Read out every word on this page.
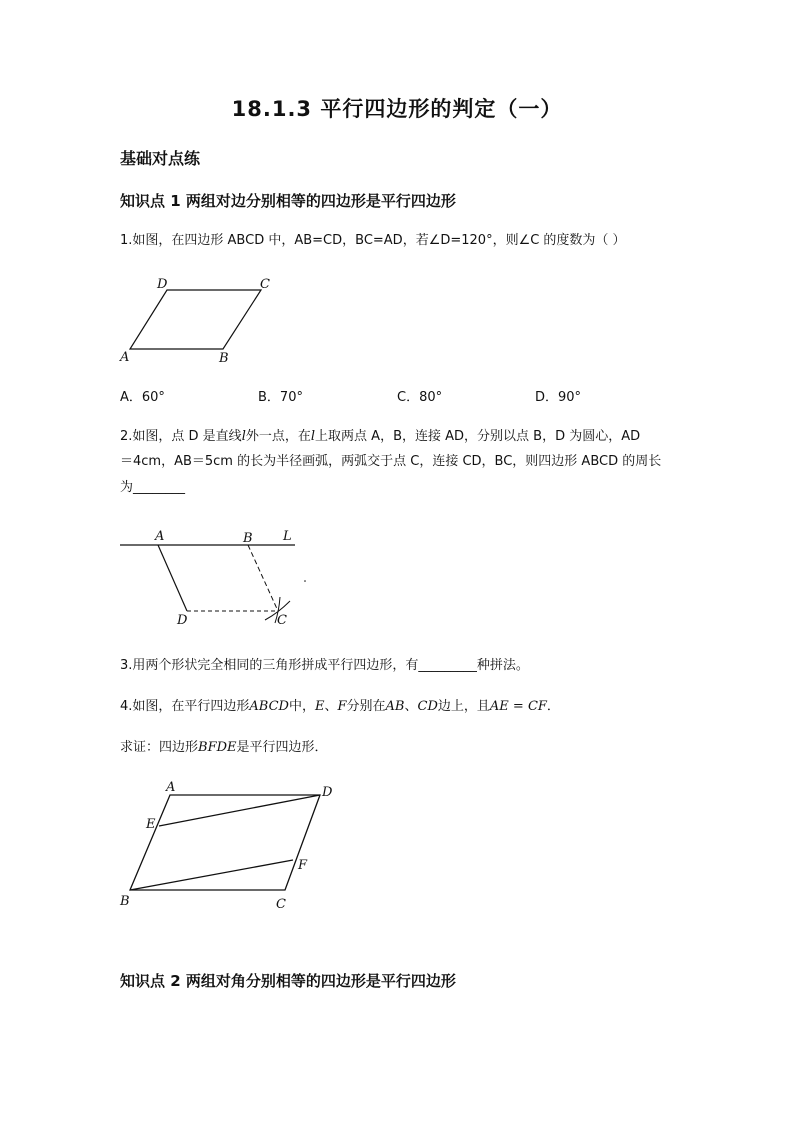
18.1.3 平行四边形的判定（一）
基础对点练
知识点 1 两组对边分别相等的四边形是平行四边形
1.如图，在四边形 ABCD 中，AB=CD，BC=AD，若∠D=120°，则∠C 的度数为（ ）
D	C
A	B
A．60°	B．70°	C．80°	D．90°
2.如图，点 D 是直线l外一点，在l上取两点 A，B，连接 AD，分别以点 B，D 为圆心，AD
＝4cm，AB＝5cm 的长为半径画弧，两弧交于点 C，连接 CD，BC，则四边形 ABCD 的周长
为________
A	B L
D	C
3.用两个形状完全相同的三角形拼成平行四边形，有_________种拼法。
4.如图，在平行四边形ABCD中，E、F分别在AB、CD边上，且AE = CF．
求证：四边形BFDE是平行四边形．
A	D
E
F
B	C
知识点 2 两组对角分别相等的四边形是平行四边形
